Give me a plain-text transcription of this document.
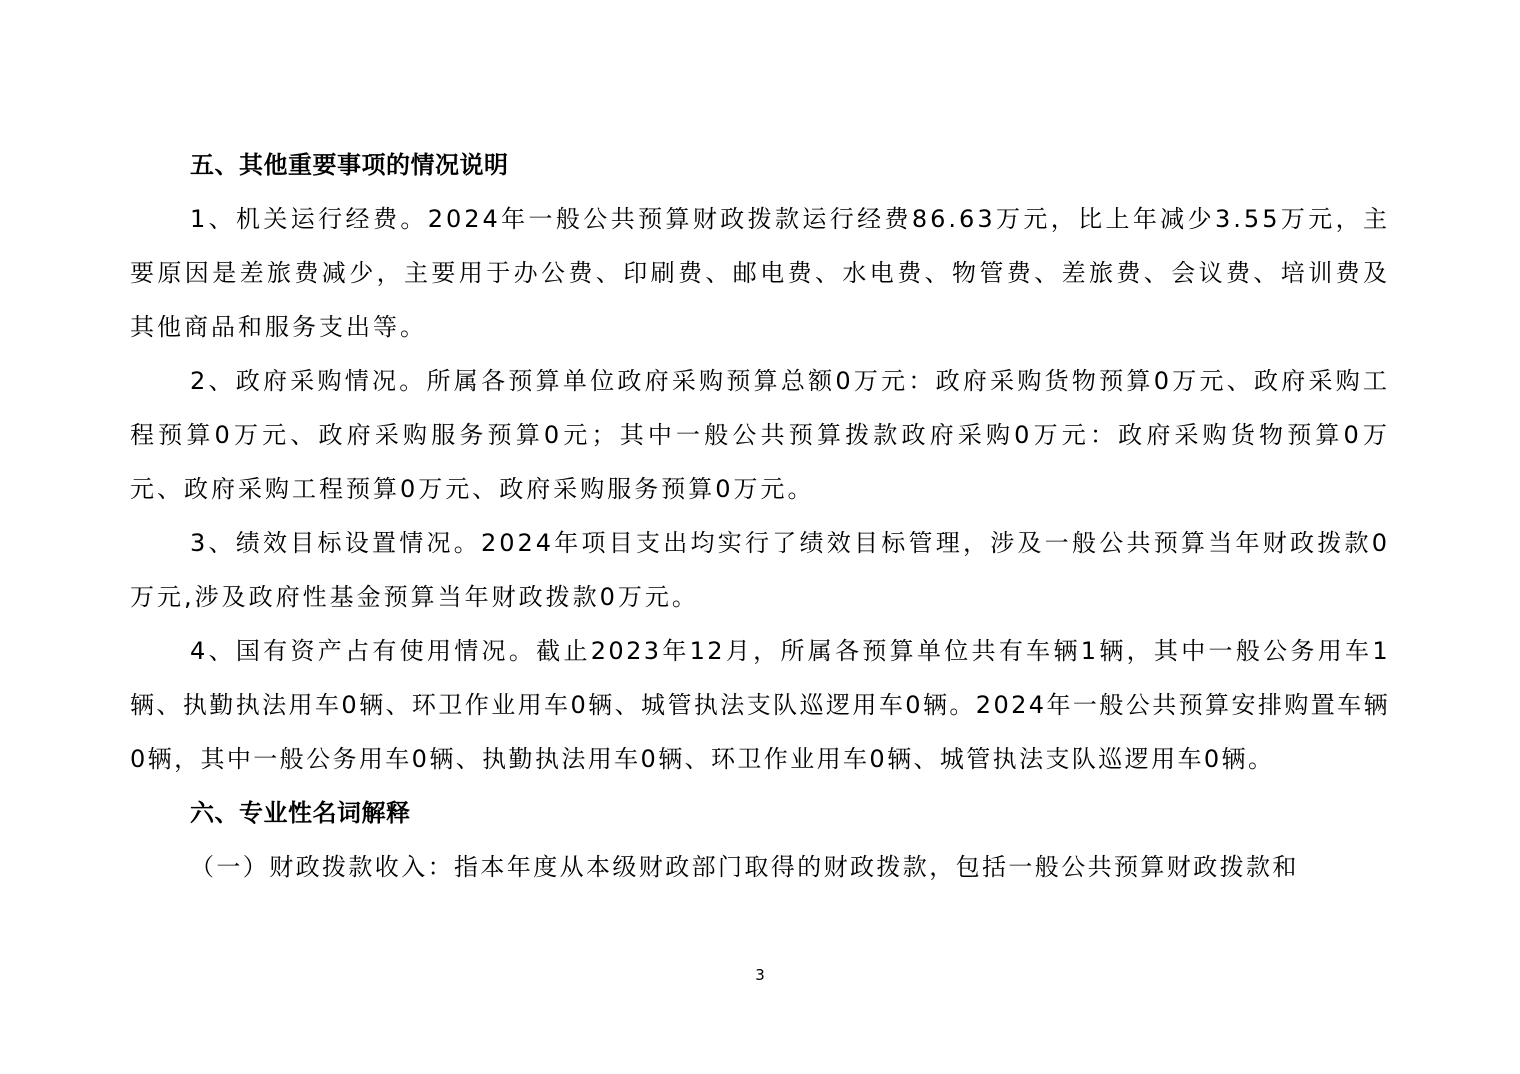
五、其他重要事项的情况说明

1、机关运行经费。2024年一般公共预算财政拨款运行经费86.63万元，比上年减少3.55万元，主要原因是差旅费减少，主要用于办公费、印刷费、邮电费、水电费、物管费、差旅费、会议费、培训费及其他商品和服务支出等。

2、政府采购情况。所属各预算单位政府采购预算总额0万元：政府采购货物预算0万元、政府采购工程预算0万元、政府采购服务预算0元；其中一般公共预算拨款政府采购0万元：政府采购货物预算0万元、政府采购工程预算0万元、政府采购服务预算0万元。

3、绩效目标设置情况。2024年项目支出均实行了绩效目标管理，涉及一般公共预算当年财政拨款0万元,涉及政府性基金预算当年财政拨款0万元。

4、国有资产占有使用情况。截止2023年12月，所属各预算单位共有车辆1辆，其中一般公务用车1辆、执勤执法用车0辆、环卫作业用车0辆、城管执法支队巡逻用车0辆。2024年一般公共预算安排购置车辆0辆，其中一般公务用车0辆、执勤执法用车0辆、环卫作业用车0辆、城管执法支队巡逻用车0辆。

六、专业性名词解释

（一）财政拨款收入：指本年度从本级财政部门取得的财政拨款，包括一般公共预算财政拨款和

3
